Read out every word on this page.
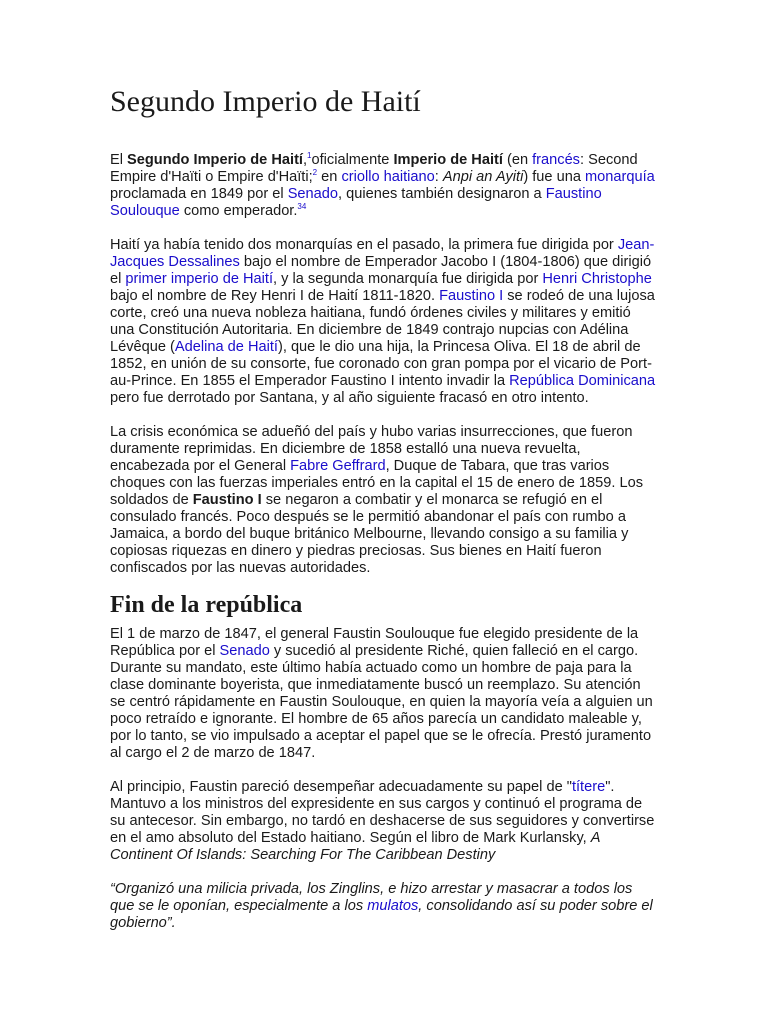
Segundo Imperio de Haití

El Segundo Imperio de Haití,$^1$oficialmente Imperio de Haití (en francés: Second Empire d'Haïti o Empire d'Haïti;$^2$ en criollo haitiano: Anpi an Ayiti) fue una monarquía proclamada en 1849 por el Senado, quienes también designaron a Faustino Soulouque como emperador.$^{34}$

Haití ya había tenido dos monarquías en el pasado, la primera fue dirigida por Jean-Jacques Dessalines bajo el nombre de Emperador Jacobo I (1804-1806) que dirigió el primer imperio de Haití, y la segunda monarquía fue dirigida por Henri Christophe bajo el nombre de Rey Henri I de Haití 1811-1820. Faustino I se rodeó de una lujosa corte, creó una nueva nobleza haitiana, fundó órdenes civiles y militares y emitió una Constitución Autoritaria. En diciembre de 1849 contrajo nupcias con Adélina Lévêque (Adelina de Haití), que le dio una hija, la Princesa Oliva. El 18 de abril de 1852, en unión de su consorte, fue coronado con gran pompa por el vicario de Port-au-Prince. En 1855 el Emperador Faustino I intento invadir la República Dominicana pero fue derrotado por Santana, y al año siguiente fracasó en otro intento.

La crisis económica se adueñó del país y hubo varias insurrecciones, que fueron duramente reprimidas. En diciembre de 1858 estalló una nueva revuelta, encabezada por el General Fabre Geffrard, Duque de Tabara, que tras varios choques con las fuerzas imperiales entró en la capital el 15 de enero de 1859. Los soldados de Faustino I se negaron a combatir y el monarca se refugió en el consulado francés. Poco después se le permitió abandonar el país con rumbo a Jamaica, a bordo del buque británico Melbourne, llevando consigo a su familia y copiosas riquezas en dinero y piedras preciosas. Sus bienes en Haití fueron confiscados por las nuevas autoridades.

Fin de la república

El 1 de marzo de 1847, el general Faustin Soulouque fue elegido presidente de la República por el Senado y sucedió al presidente Riché, quien falleció en el cargo. Durante su mandato, este último había actuado como un hombre de paja para la clase dominante boyerista, que inmediatamente buscó un reemplazo. Su atención se centró rápidamente en Faustin Soulouque, en quien la mayoría veía a alguien un poco retraído e ignorante. El hombre de 65 años parecía un candidato maleable y, por lo tanto, se vio impulsado a aceptar el papel que se le ofrecía. Prestó juramento al cargo el 2 de marzo de 1847.

Al principio, Faustin pareció desempeñar adecuadamente su papel de "títere". Mantuvo a los ministros del expresidente en sus cargos y continuó el programa de su antecesor. Sin embargo, no tardó en deshacerse de sus seguidores y convertirse en el amo absoluto del Estado haitiano. Según el libro de Mark Kurlansky, A Continent Of Islands: Searching For The Caribbean Destiny

“Organizó una milicia privada, los Zinglins, e hizo arrestar y masacrar a todos los que se le oponían, especialmente a los mulatos, consolidando así su poder sobre el gobierno”.
